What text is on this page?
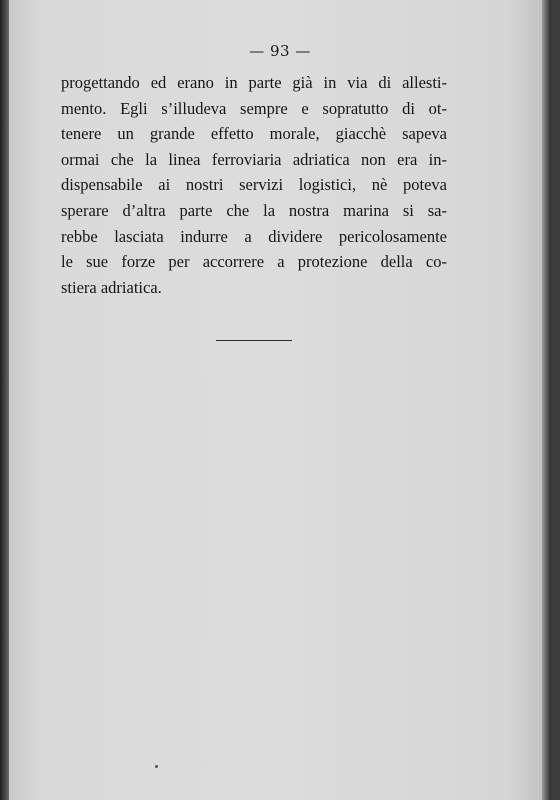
— 93 —
progettando ed erano in parte già in via di allesti-
mento. Egli s’illudeva sempre e sopratutto di ot-
tenere un grande effetto morale, giacchè sapeva
ormai che la linea ferroviaria adriatica non era in-
dispensabile ai nostri servizi logistici, nè poteva
sperare d’altra parte che la nostra marina si sa-
rebbe lasciata indurre a dividere pericolosamente
le sue forze per accorrere a protezione della co-
stiera adriatica.
